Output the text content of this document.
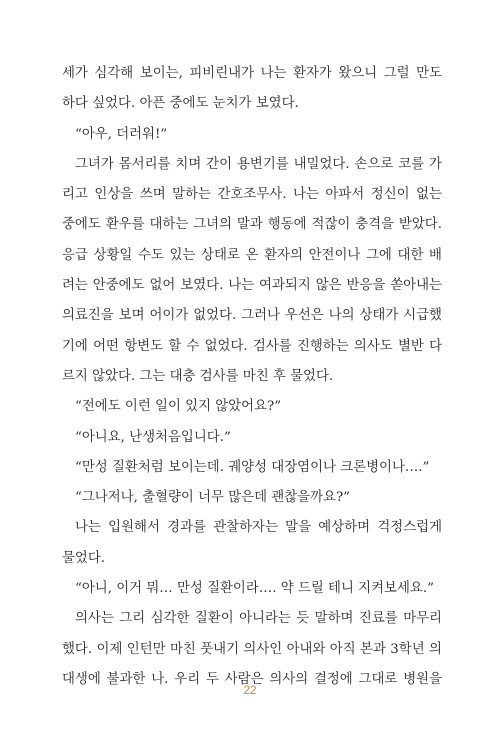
세가 심각해 보이는, 피비린내가 나는 환자가 왔으니 그럴 만도
하다 싶었다. 아픈 중에도 눈치가 보였다.
“아우, 더러워!”
그녀가 몸서리를 치며 간이 용변기를 내밀었다. 손으로 코를 가
리고 인상을 쓰며 말하는 간호조무사. 나는 아파서 정신이 없는
중에도 환우를 대하는 그녀의 말과 행동에 적잖이 충격을 받았다.
응급 상황일 수도 있는 상태로 온 환자의 안전이나 그에 대한 배
려는 안중에도 없어 보였다. 나는 여과되지 않은 반응을 쏟아내는
의료진을 보며 어이가 없었다. 그러나 우선은 나의 상태가 시급했
기에 어떤 항변도 할 수 없었다. 검사를 진행하는 의사도 별반 다
르지 않았다. 그는 대충 검사를 마친 후 물었다.
“전에도 이런 일이 있지 않았어요?”
“아니요, 난생처음입니다.”
“만성 질환처럼 보이는데. 궤양성 대장염이나 크론병이나….”
“그나저나, 출혈량이 너무 많은데 괜찮을까요?”
나는 입원해서 경과를 관찰하자는 말을 예상하며 걱정스럽게
물었다.
“아니, 이거 뭐… 만성 질환이라…. 약 드릴 테니 지켜보세요.”
의사는 그리 심각한 질환이 아니라는 듯 말하며 진료를 마무리
했다. 이제 인턴만 마친 풋내기 의사인 아내와 아직 본과 3학년 의
대생에 불과한 나. 우리 두 사람은 의사의 결정에 그대로 병원을
22
